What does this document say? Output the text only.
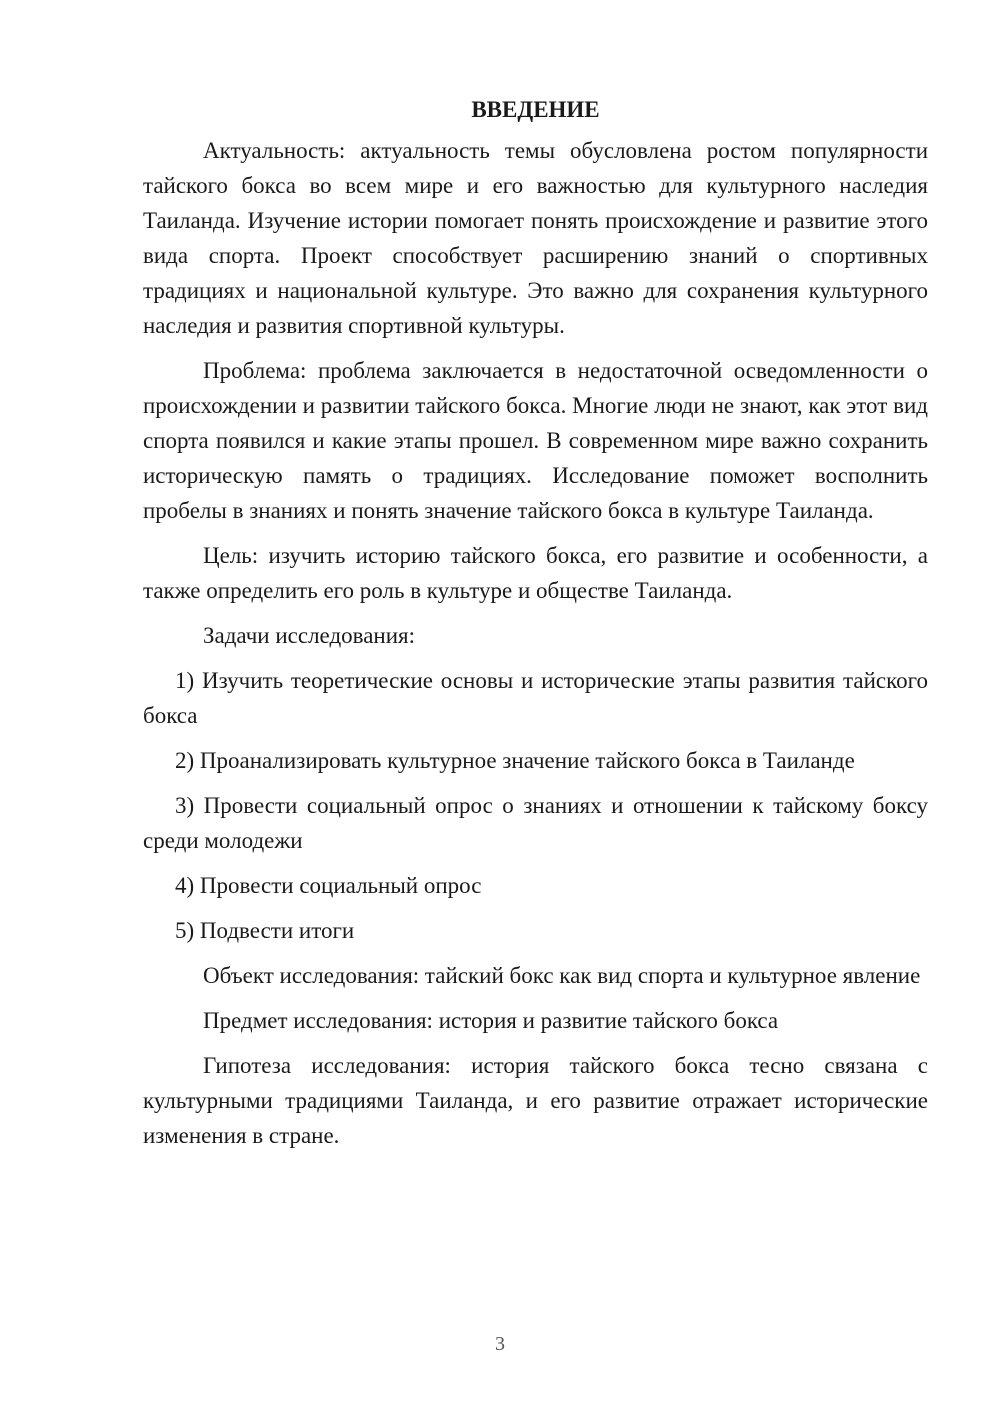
ВВЕДЕНИЕ

Актуальность: актуальность темы обусловлена ростом популярности тайского бокса во всем мире и его важностью для культурного наследия Таиланда. Изучение истории помогает понять происхождение и развитие этого вида спорта. Проект способствует расширению знаний о спортивных традициях и национальной культуре. Это важно для сохранения культурного наследия и развития спортивной культуры.

Проблема: проблема заключается в недостаточной осведомленности о происхождении и развитии тайского бокса. Многие люди не знают, как этот вид спорта появился и какие этапы прошел. В современном мире важно сохранить историческую память о традициях. Исследование поможет восполнить пробелы в знаниях и понять значение тайского бокса в культуре Таиланда.

Цель: изучить историю тайского бокса, его развитие и особенности, а также определить его роль в культуре и обществе Таиланда.

Задачи исследования:

1) Изучить теоретические основы и исторические этапы развития тайского бокса

2) Проанализировать культурное значение тайского бокса в Таиланде

3) Провести социальный опрос о знаниях и отношении к тайскому боксу среди молодежи

4) Провести социальный опрос

5) Подвести итоги

Объект исследования: тайский бокс как вид спорта и культурное явление

Предмет исследования: история и развитие тайского бокса

Гипотеза исследования: история тайского бокса тесно связана с культурными традициями Таиланда, и его развитие отражает исторические изменения в стране.

3
